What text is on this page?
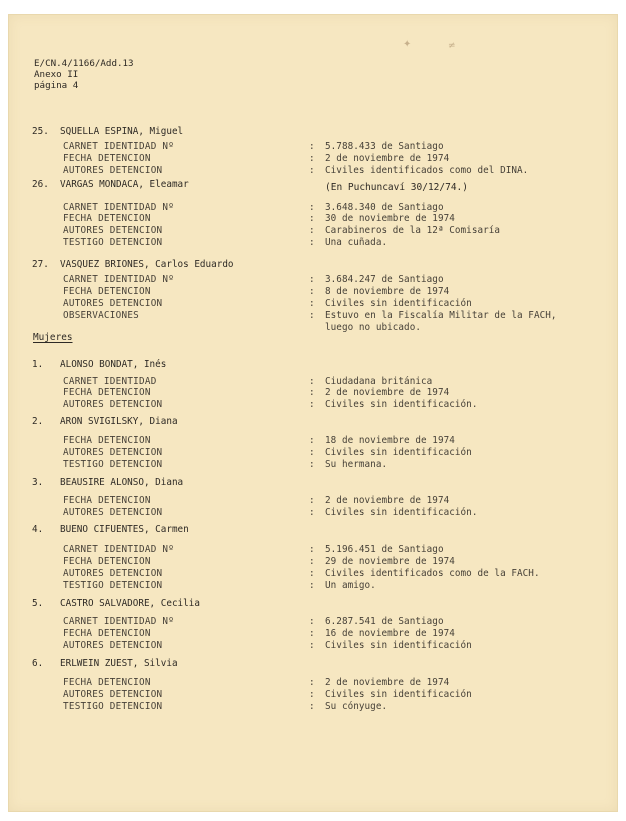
✦	≠
E/CN.4/1166/Add.13
Anexo II
página 4
Mujeres
25. SQUELLA ESPINA, Miguel
CARNET IDENTIDAD Nº	: 5.788.433 de Santiago
FECHA DETENCION	: 2 de noviembre de 1974
AUTORES DETENCION	: Civiles identificados como del DINA.
26. VARGAS MONDACA, Eleamar	(En Puchuncaví 30/12/74.)
CARNET IDENTIDAD Nº	: 3.648.340 de Santiago
FECHA DETENCION	: 30 de noviembre de 1974
AUTORES DETENCION	: Carabineros de la 12ª Comisaría
TESTIGO DETENCION	: Una cuñada.
27. VASQUEZ BRIONES, Carlos Eduardo
CARNET IDENTIDAD Nº	: 3.684.247 de Santiago
FECHA DETENCION	: 8 de noviembre de 1974
AUTORES DETENCION	: Civiles sin identificación
OBSERVACIONES	: Estuvo en la Fiscalía Militar de la FACH,
luego no ubicado.
1. ALONSO BONDAT, Inés
CARNET IDENTIDAD	: Ciudadana británica
FECHA DETENCION	: 2 de noviembre de 1974
AUTORES DETENCION	: Civiles sin identificación.
2. ARON SVIGILSKY, Diana
FECHA DETENCION	: 18 de noviembre de 1974
AUTORES DETENCION	: Civiles sin identificación
TESTIGO DETENCION	: Su hermana.
3. BEAUSIRE ALONSO, Diana
FECHA DETENCION	: 2 de noviembre de 1974
AUTORES DETENCION	: Civiles sin identificación.
4. BUENO CIFUENTES, Carmen
CARNET IDENTIDAD Nº	: 5.196.451 de Santiago
FECHA DETENCION	: 29 de noviembre de 1974
AUTORES DETENCION	: Civiles identificados como de la FACH.
TESTIGO DETENCION	: Un amigo.
5. CASTRO SALVADORE, Cecilia
CARNET IDENTIDAD Nº	: 6.287.541 de Santiago
FECHA DETENCION	: 16 de noviembre de 1974
AUTORES DETENCION	: Civiles sin identificación
6. ERLWEIN ZUEST, Silvia
FECHA DETENCION	: 2 de noviembre de 1974
AUTORES DETENCION	: Civiles sin identificación
TESTIGO DETENCION	: Su cónyuge.
